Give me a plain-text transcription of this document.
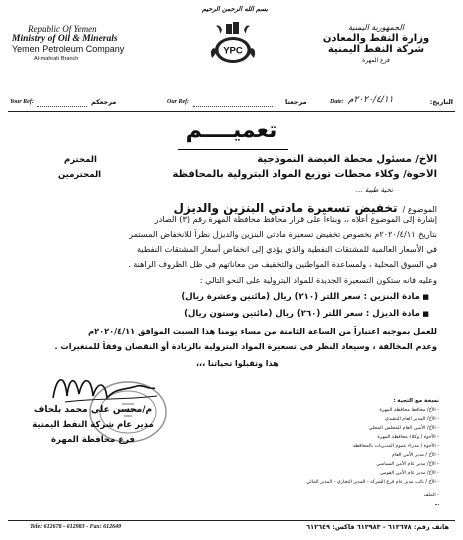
Republic Of Yemen
Ministry of Oil & Minerals
Yemen Petroleum Company
Al-mahrah Branch
الجمهورية اليمنية
وزارة النفط والمعادن
شركة النفط اليمنية
فرع المهرة
بسم الله الرحمن الرحيم
YPC
Your Ref:	مرجعكم	Our Ref:	مرجعنا	Date: ٢٠٢٠/٤/١١م	التاريخ:
تعميــــم
الأخ/ مسئول محطة الغيضة النموذجية
الأخوة/ وكلاء محطات توزيع المواد البترولية بالمحافظة
المحترم
المحترمين
تحية طيبة ...
الموضوع / تخفيض تسعيرة مادتي البنزين والديزل
إشارة إلى الموضوع أعلاه ،، وبناءاً على قرار محافظ محافظة المهرة رقم (٣) الصادر
بتاريخ ٢٠٢٠/٤/١١م بخصوص تخفيض تسعيرة مادتي البنزين والديزل نظراً للانخفاض المستمر
في الأسعار العالمية للمشتقات النفطية والذي يؤدي إلى انخفاض أسعار المشتقات النفطية
في السوق المحلية ، ولمساعدة المواطنين والتخفيف من معاناتهم في ظل الظروف الراهنة .
وعليه فانه ستكون التسعيرة الجديدة للمواد البترولية على النحو التالي :
■ مادة البنزين : سعر اللتر (٢١٠) ريال (مائتين وعشرة ريال)
■ مادة الديزل : سعر اللتر (٢٦٠) ريال (مائتين وستون ريال)
للعمل بموجبه اعتباراً من الساعة الثامنة من مساء يومنا هذا السبت الموافق ٢٠٢٠/٤/١١م
وعدم المخالفة ، وسيعاد النظر في تسعيرة المواد البترولية بالزيادة أو النقصان وفقاً للمتغيرات .
هذا وتقبلوا تحياتنا ،،،
م/محسن علي محمد بلحاف
مدير عام شركة النفط اليمنية
فرع محافظة المهرة
نسخة مع التحية :
- الأخ/ محافظ محافظة المهرة
- الأخ/ المدير العام التنفيذي
- الأخ/ الأمين العام للمجلس المحلي
- الأخوة / وكلاء محافظة المهرة
- الأخوة / مدراء عموم المديريات بالمحافظة
- الأخ / مدير الأمن العام
- الأخ/ مدير عام الأمن السياسي
- الأخ/ مدير عام الأمن القومي
- الأخ / نائب مدير عام فرع الشركة - المدير التجاري - المدير المالي
- الملف
Tele: 612678 - 612983 - Fax: 612649	هاتف رقم: ٦١٢٦٧٨ - ٦١٢٩٨٣ فاكس: ٦١٢٦٤٩
